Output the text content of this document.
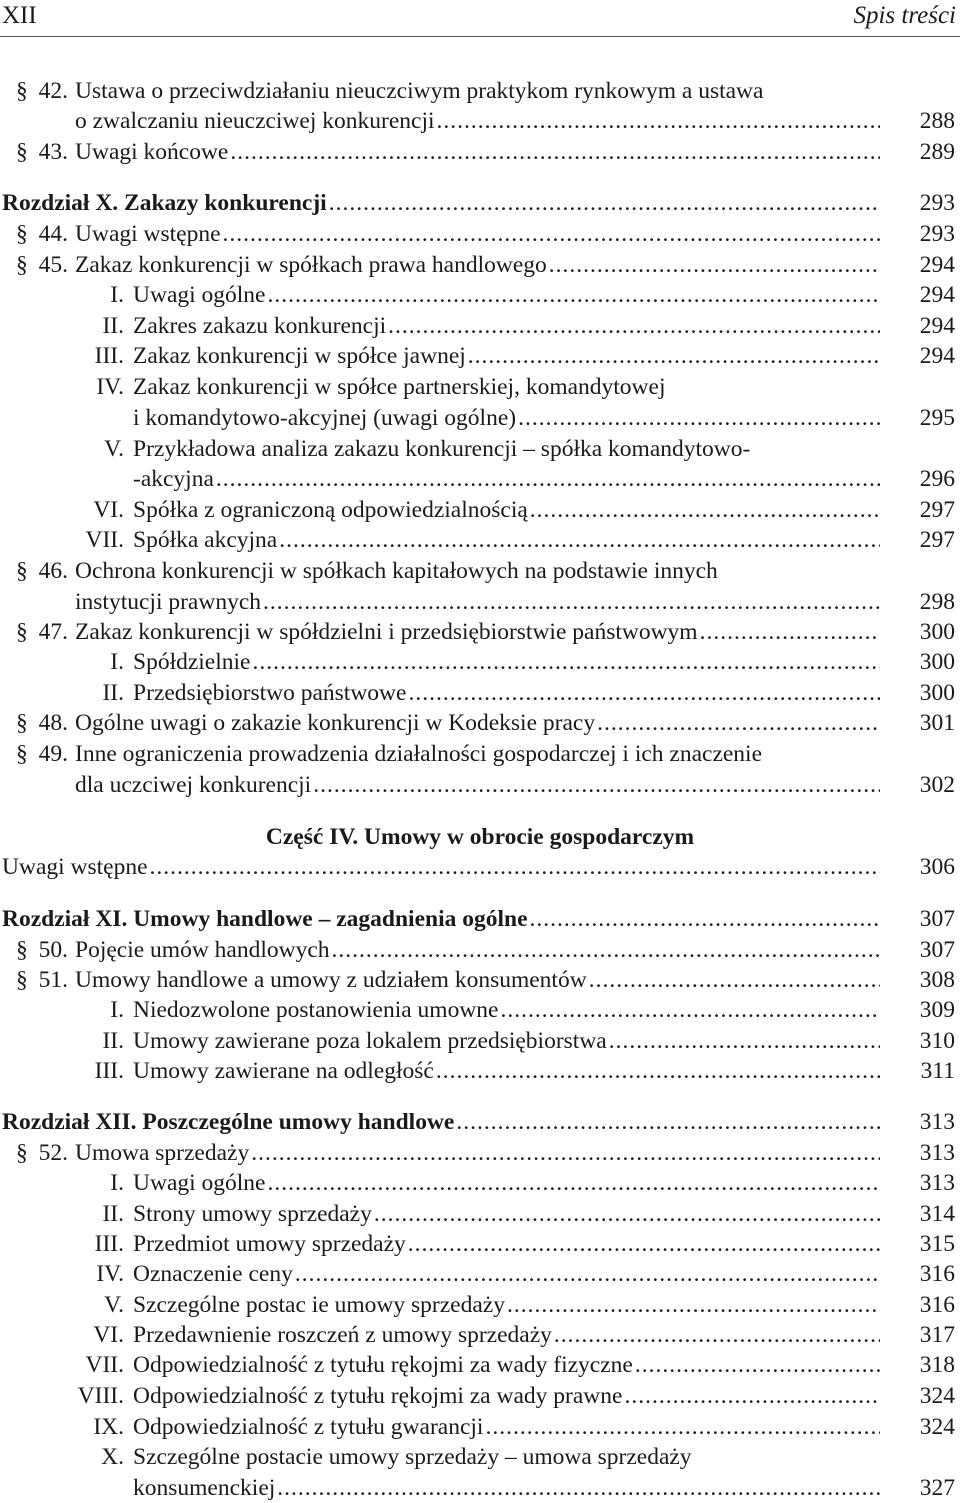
XII	Spis treści
Część IV. Umowy w obrocie gospodarczym
§ 42. Ustawa o przeciwdziałaniu nieuczciwym praktykom rynkowym a ustawa
o zwalczaniu nieuczciwej konkurencji .....	288
§ 43. Uwagi końcowe .....	289
Rozdział X. Zakazy konkurencji .....	293
§ 44. Uwagi wstępne .....	293
§ 45. Zakaz konkurencji w spółkach prawa handlowego .....	294
I. Uwagi ogólne .....	294
II. Zakres zakazu konkurencji .....	294
III. Zakaz konkurencji w spółce jawnej .....	294
IV. Zakaz konkurencji w spółce partnerskiej, komandytowej
i komandytowo-akcyjnej (uwagi ogólne) .....	295
V. Przykładowa analiza zakazu konkurencji – spółka komandytowo-
-akcyjna .....	296
VI. Spółka z ograniczoną odpowiedzialnością .....	297
VII. Spółka akcyjna .....	297
§ 46. Ochrona konkurencji w spółkach kapitałowych na podstawie innych
instytucji prawnych .....	298
§ 47. Zakaz konkurencji w spółdzielni i przedsiębiorstwie państwowym .....	300
I. Spółdzielnie .....	300
II. Przedsiębiorstwo państwowe .....	300
§ 48. Ogólne uwagi o zakazie konkurencji w Kodeksie pracy .....	301
§ 49. Inne ograniczenia prowadzenia działalności gospodarczej i ich znaczenie
dla uczciwej konkurencji .....	302
Uwagi wstępne .....	306
Rozdział XI. Umowy handlowe – zagadnienia ogólne .....	307
§ 50. Pojęcie umów handlowych .....	307
§ 51. Umowy handlowe a umowy z udziałem konsumentów .....	308
I. Niedozwolone postanowienia umowne .....	309
II. Umowy zawierane poza lokalem przedsiębiorstwa .....	310
III. Umowy zawierane na odległość .....	311
Rozdział XII. Poszczególne umowy handlowe .....	313
§ 52. Umowa sprzedaży .....	313
I. Uwagi ogólne .....	313
II. Strony umowy sprzedaży .....	314
III. Przedmiot umowy sprzedaży .....	315
IV. Oznaczenie ceny .....	316
V. Szczególne postac ie umowy sprzedaży .....	316
VI. Przedawnienie roszczeń z umowy sprzedaży .....	317
VII. Odpowiedzialność z tytułu rękojmi za wady fizyczne .....	318
VIII. Odpowiedzialność z tytułu rękojmi za wady prawne .....	324
IX. Odpowiedzialność z tytułu gwarancji .....	324
X. Szczególne postacie umowy sprzedaży – umowa sprzedaży
konsumenckiej .....	327
